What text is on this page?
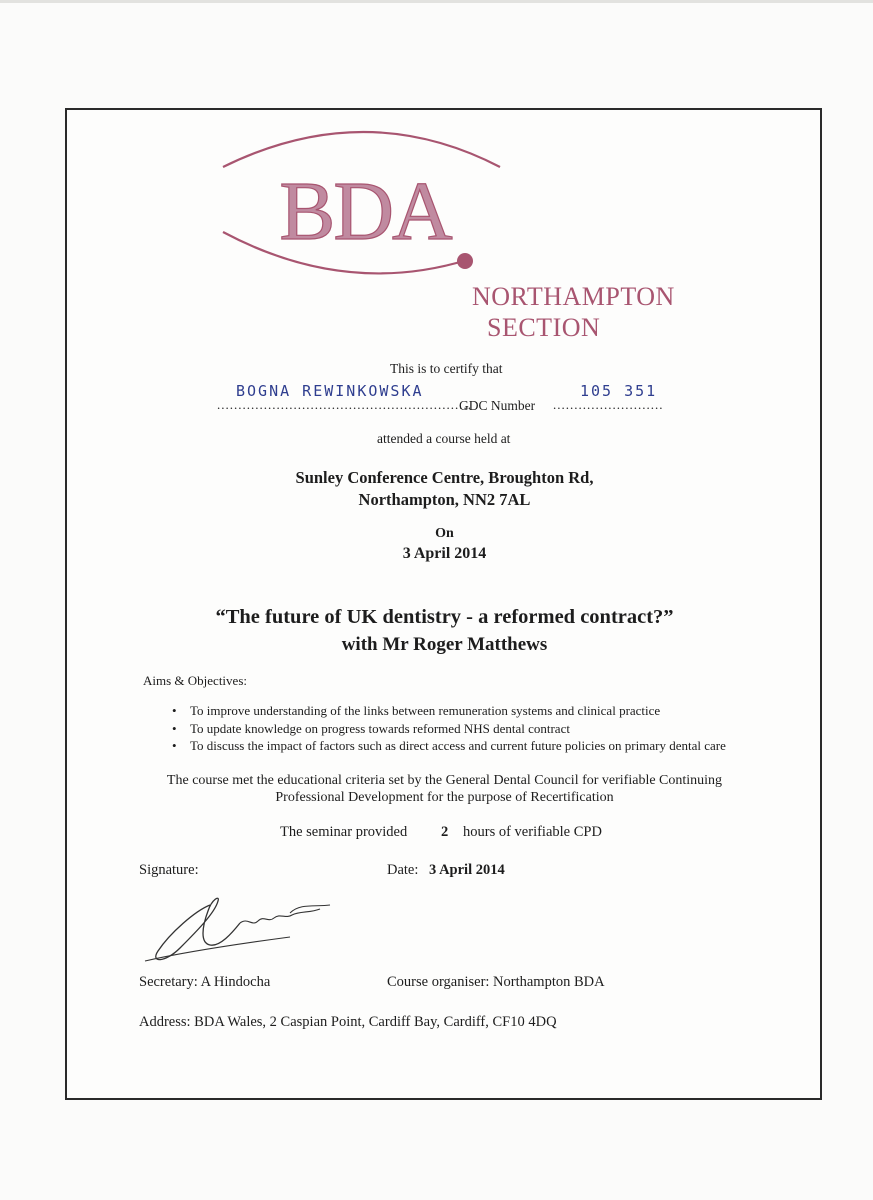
BDA
NORTHAMPTON
SECTION
This is to certify that
BOGNA REWINKOWSKA	105 351
............................................................
GDC Number ..........................
attended a course held at
Sunley Conference Centre, Broughton Rd,
Northampton, NN2 7AL
On
3 April 2014
“The future of UK dentistry - a reformed contract?”
with Mr Roger Matthews
Aims & Objectives:
• To improve understanding of the links between remuneration systems and clinical practice
• To update knowledge on progress towards reformed NHS dental contract
• To discuss the impact of factors such as direct access and current future policies on primary dental care
The course met the educational criteria set by the General Dental Council for verifiable Continuing
Professional Development for the purpose of Recertification
The seminar provided 2 hours of verifiable CPD
Signature:	Date: 3 April 2014
Secretary: A Hindocha	Course organiser: Northampton BDA
Address: BDA Wales, 2 Caspian Point, Cardiff Bay, Cardiff, CF10 4DQ
